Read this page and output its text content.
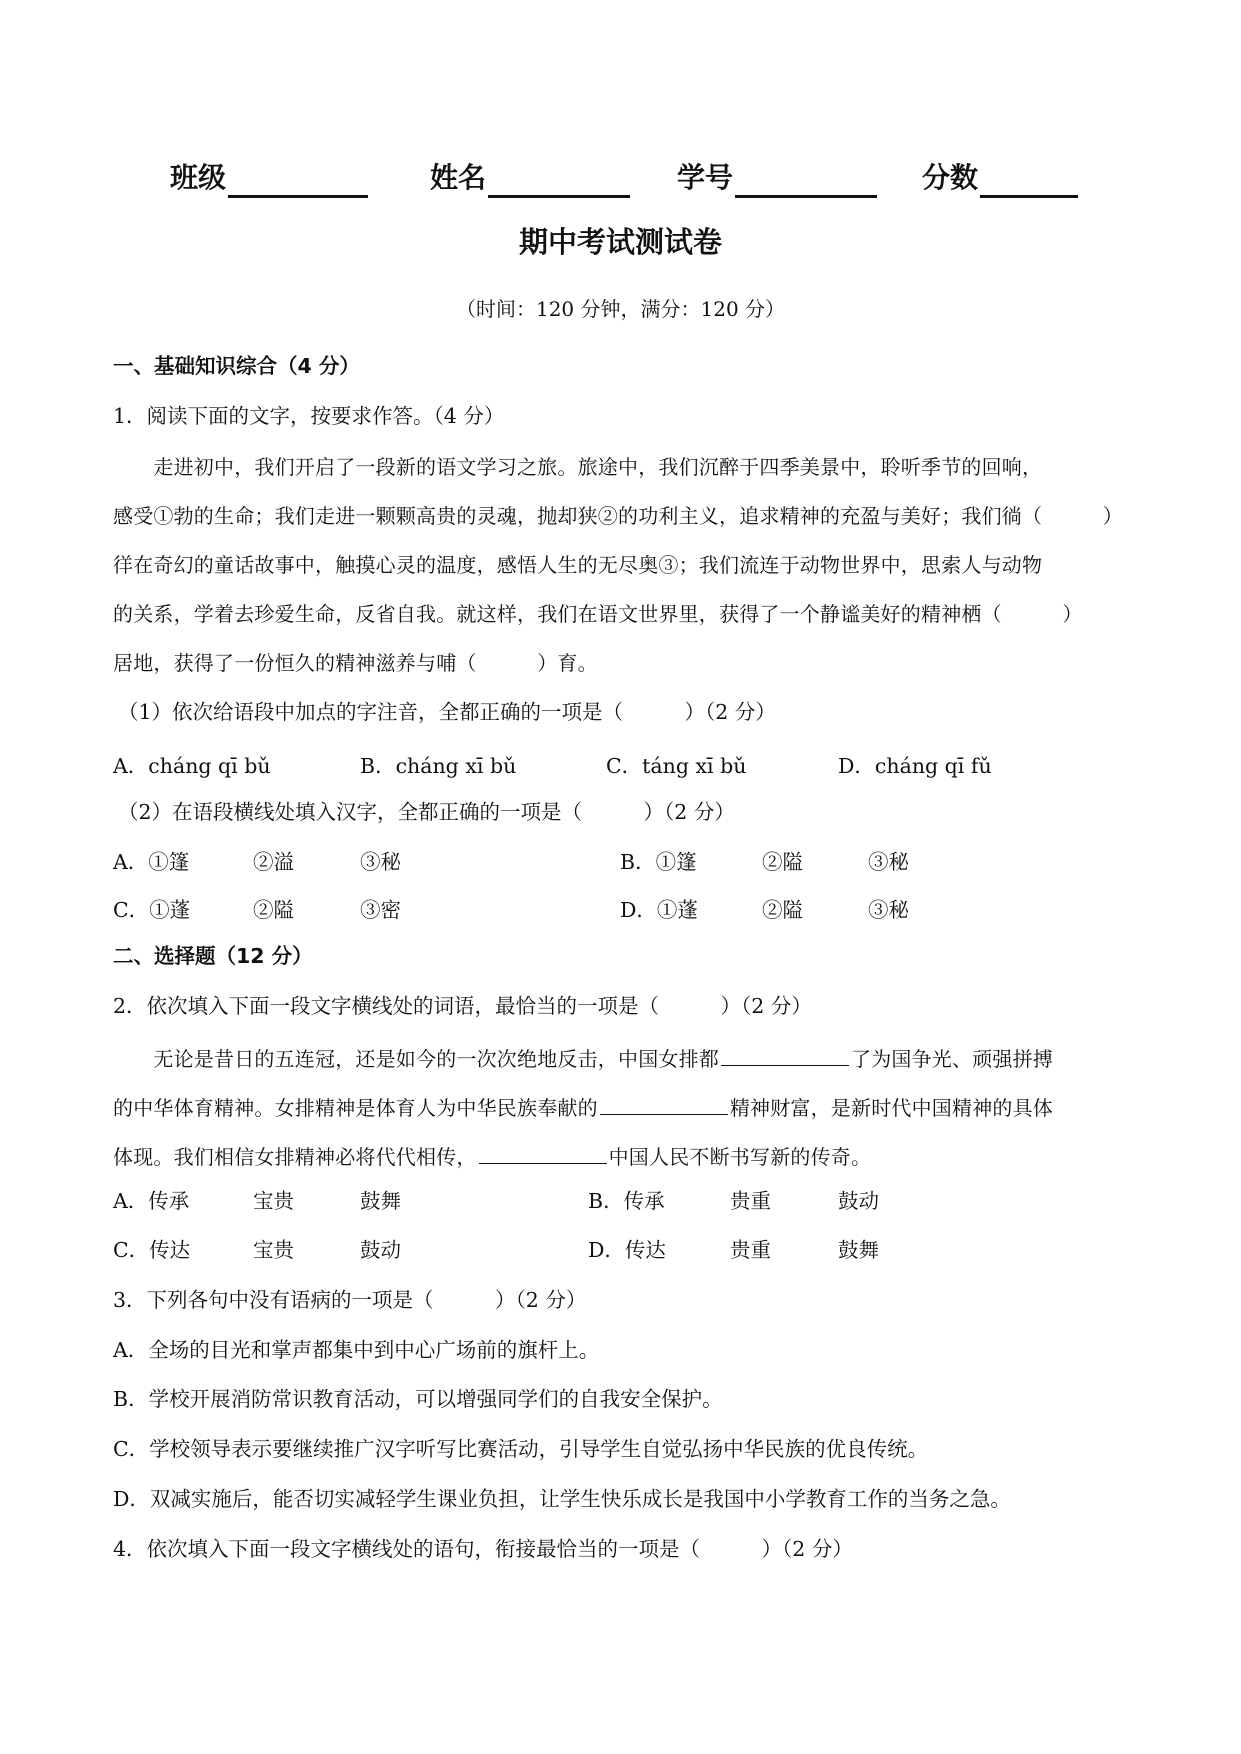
班级	姓名	学号	分数
期中考试测试卷
（时间：120 分钟，满分：120 分）
一、基础知识综合（4 分）
1．阅读下面的文字，按要求作答。（4 分）

　　走进初中，我们开启了一段新的语文学习之旅。旅途中，我们沉醉于四季美景中，聆听季节的回响，

感受①勃的生命；我们走进一颗颗高贵的灵魂，抛却狭②的功利主义，追求精神的充盈与美好；我们徜（　　　）

徉在奇幻的童话故事中，触摸心灵的温度，感悟人生的无尽奥③；我们流连于动物世界中，思索人与动物

的关系，学着去珍爱生命，反省自我。就这样，我们在语文世界里，获得了一个静谧美好的精神栖（　　　）

居地，获得了一份恒久的精神滋养与哺（　　　）育。

（1）依次给语段中加点的字注音，全都正确的一项是（　　　）（2 分）
A．cháng qī bǔ	B．cháng xī bǔ	C．táng xī bǔ	D．cháng qī fǔ
（2）在语段横线处填入汉字，全都正确的一项是（　　　）（2 分）
A．①篷	②溢	③秘	B．①篷	②隘	③秘
C．①蓬	②隘	③密	D．①蓬	②隘	③秘
二、选择题（12 分）
2．依次填入下面一段文字横线处的词语，最恰当的一项是（　　　）（2 分）

　　无论是昔日的五连冠，还是如今的一次次绝地反击，中国女排都	了为国争光、顽强拼搏

的中华体育精神。女排精神是体育人为中华民族奉献的	精神财富，是新时代中国精神的具体

体现。我们相信女排精神必将代代相传，	中国人民不断书写新的传奇。

A．传承	宝贵	鼓舞	B．传承	贵重	鼓动
C．传达	宝贵	鼓动	D．传达	贵重	鼓舞
3．下列各句中没有语病的一项是（　　　）（2 分）
A．全场的目光和掌声都集中到中心广场前的旗杆上。
B．学校开展消防常识教育活动，可以增强同学们的自我安全保护。
C．学校领导表示要继续推广汉字听写比赛活动，引导学生自觉弘扬中华民族的优良传统。
D．双减实施后，能否切实减轻学生课业负担，让学生快乐成长是我国中小学教育工作的当务之急。
4．依次填入下面一段文字横线处的语句，衔接最恰当的一项是（　　　）（2 分）
